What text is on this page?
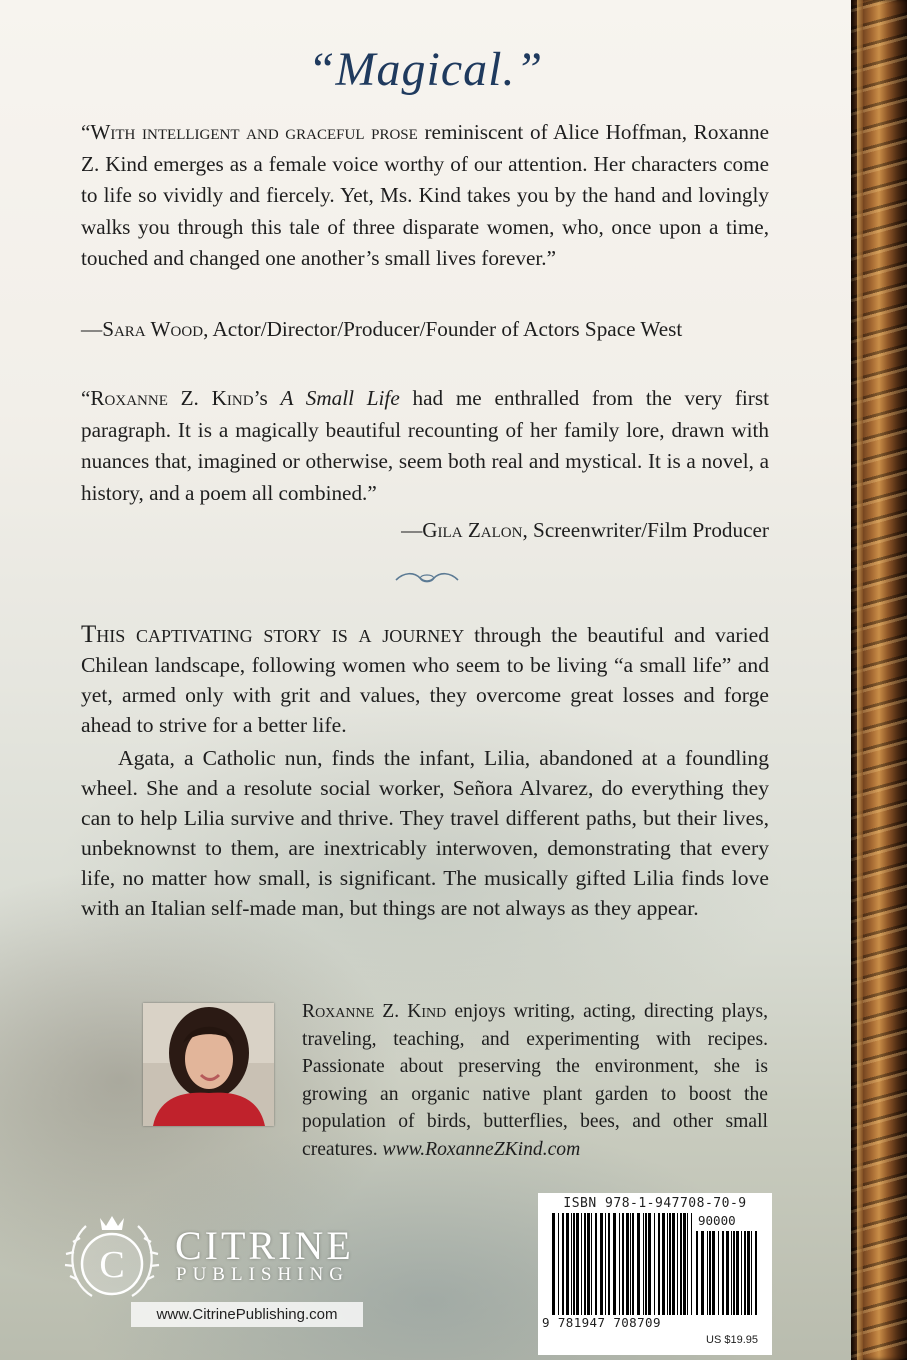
“Magical.”
“With intelligent and graceful prose reminiscent of Alice Hoffman, Roxanne Z. Kind emerges as a female voice worthy of our attention. Her characters come to life so vividly and fiercely. Yet, Ms. Kind takes you by the hand and lovingly walks you through this tale of three disparate women, who, once upon a time, touched and changed one another’s small lives forever.”
—Sara Wood, Actor/Director/Producer/Founder of Actors Space West
“Roxanne Z. Kind’s A Small Life had me enthralled from the very first paragraph. It is a magically beautiful recounting of her family lore, drawn with nuances that, imagined or otherwise, seem both real and mystical. It is a novel, a history, and a poem all combined.”
—Gila Zalon, Screenwriter/Film Producer
This captivating story is a journey through the beautiful and varied Chilean landscape, following women who seem to be living “a small life” and yet, armed only with grit and values, they overcome great losses and forge ahead to strive for a better life.
Agata, a Catholic nun, finds the infant, Lilia, abandoned at a foundling wheel. She and a resolute social worker, Señora Alvarez, do everything they can to help Lilia survive and thrive. They travel different paths, but their lives, unbeknownst to them, are inextricably interwoven, demonstrating that every life, no matter how small, is significant. The musically gifted Lilia finds love with an Italian self-made man, but things are not always as they appear.
Roxanne Z. Kind enjoys writing, acting, directing plays, traveling, teaching, and experimenting with recipes. Passionate about preserving the environment, she is growing an organic native plant garden to boost the population of birds, butterflies, bees, and other small creatures. www.RoxanneZKind.com
C CITRINE
PUBLISHING
www.CitrinePublishing.com
ISBN 978-1-947708-70-9
90000
9 781947 708709
US $19.95
